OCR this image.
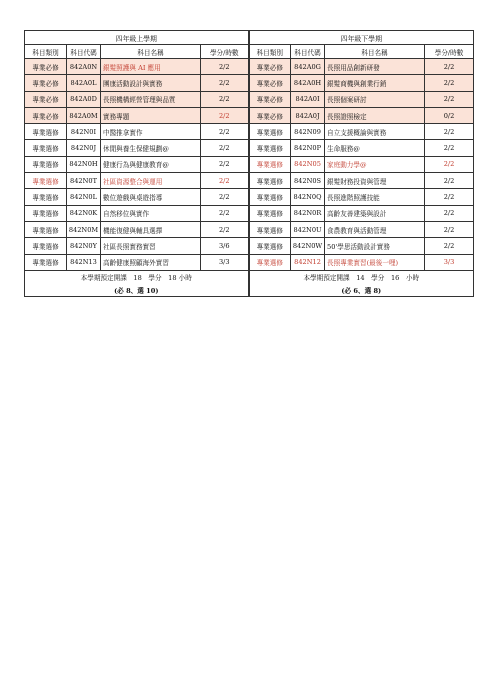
四年級上學期				四年級下學期			
科目類別	科目代碼	科目名稱	學分/時數	科目類別	科目代碼	科目名稱	學分/時數
專業必修	842A0N	銀髮照護與 AI 應用	2/2	專業必修	842A0G	長照用品創新研發	2/2
專業必修	842A0L	團康活動設計與實務	2/2	專業必修	842A0H	銀髮商機與創業行銷	2/2
專業必修	842A0D	長照機構經營管理與品質	2/2	專業必修	842A0I	長照個案研討	2/2
專業必修	842A0M	實務專題	2/2	專業必修	842A0J	長照證照檢定	0/2
專業選修	842N0I	中醫推拿實作	2/2	專業選修	842N09	自立支援概論與實務	2/2
專業選修	842N0J	休閒與養生保健規劃@	2/2	專業選修	842N0P	生命服務@	2/2
專業選修	842N0H	健康行為與健康教育@	2/2	專業選修	842N05	家庭動力學@	2/2
專業選修	842N0T	社區資源整合與運用	2/2	專業選修	842N0S	銀髮財務投資與管理	2/2
專業選修	842N0L	數位遊戲與桌遊指導	2/2	專業選修	842N0Q	長照進階照護技能	2/2
專業選修	842N0K	自然移位與實作	2/2	專業選修	842N0R	高齡友善建築與設計	2/2
專業選修	842N0M	機能復健與輔具選擇	2/2	專業選修	842N0U	食農教育與活動管理	2/2
專業選修	842N0Y	社區長照實務實習	3/6	專業選修	842N0W	50'學思活動設計實務	2/2
專業選修	842N13	高齡健康照顧海外實習	3/3	專業選修	842N12	長照專業實習(最後一哩)	3/3
本學期預定開課　18　學分　18 小時				本學期預定開課　14　學分　16　小時			
(必 8、選 10)				(必 6、選 8)			
